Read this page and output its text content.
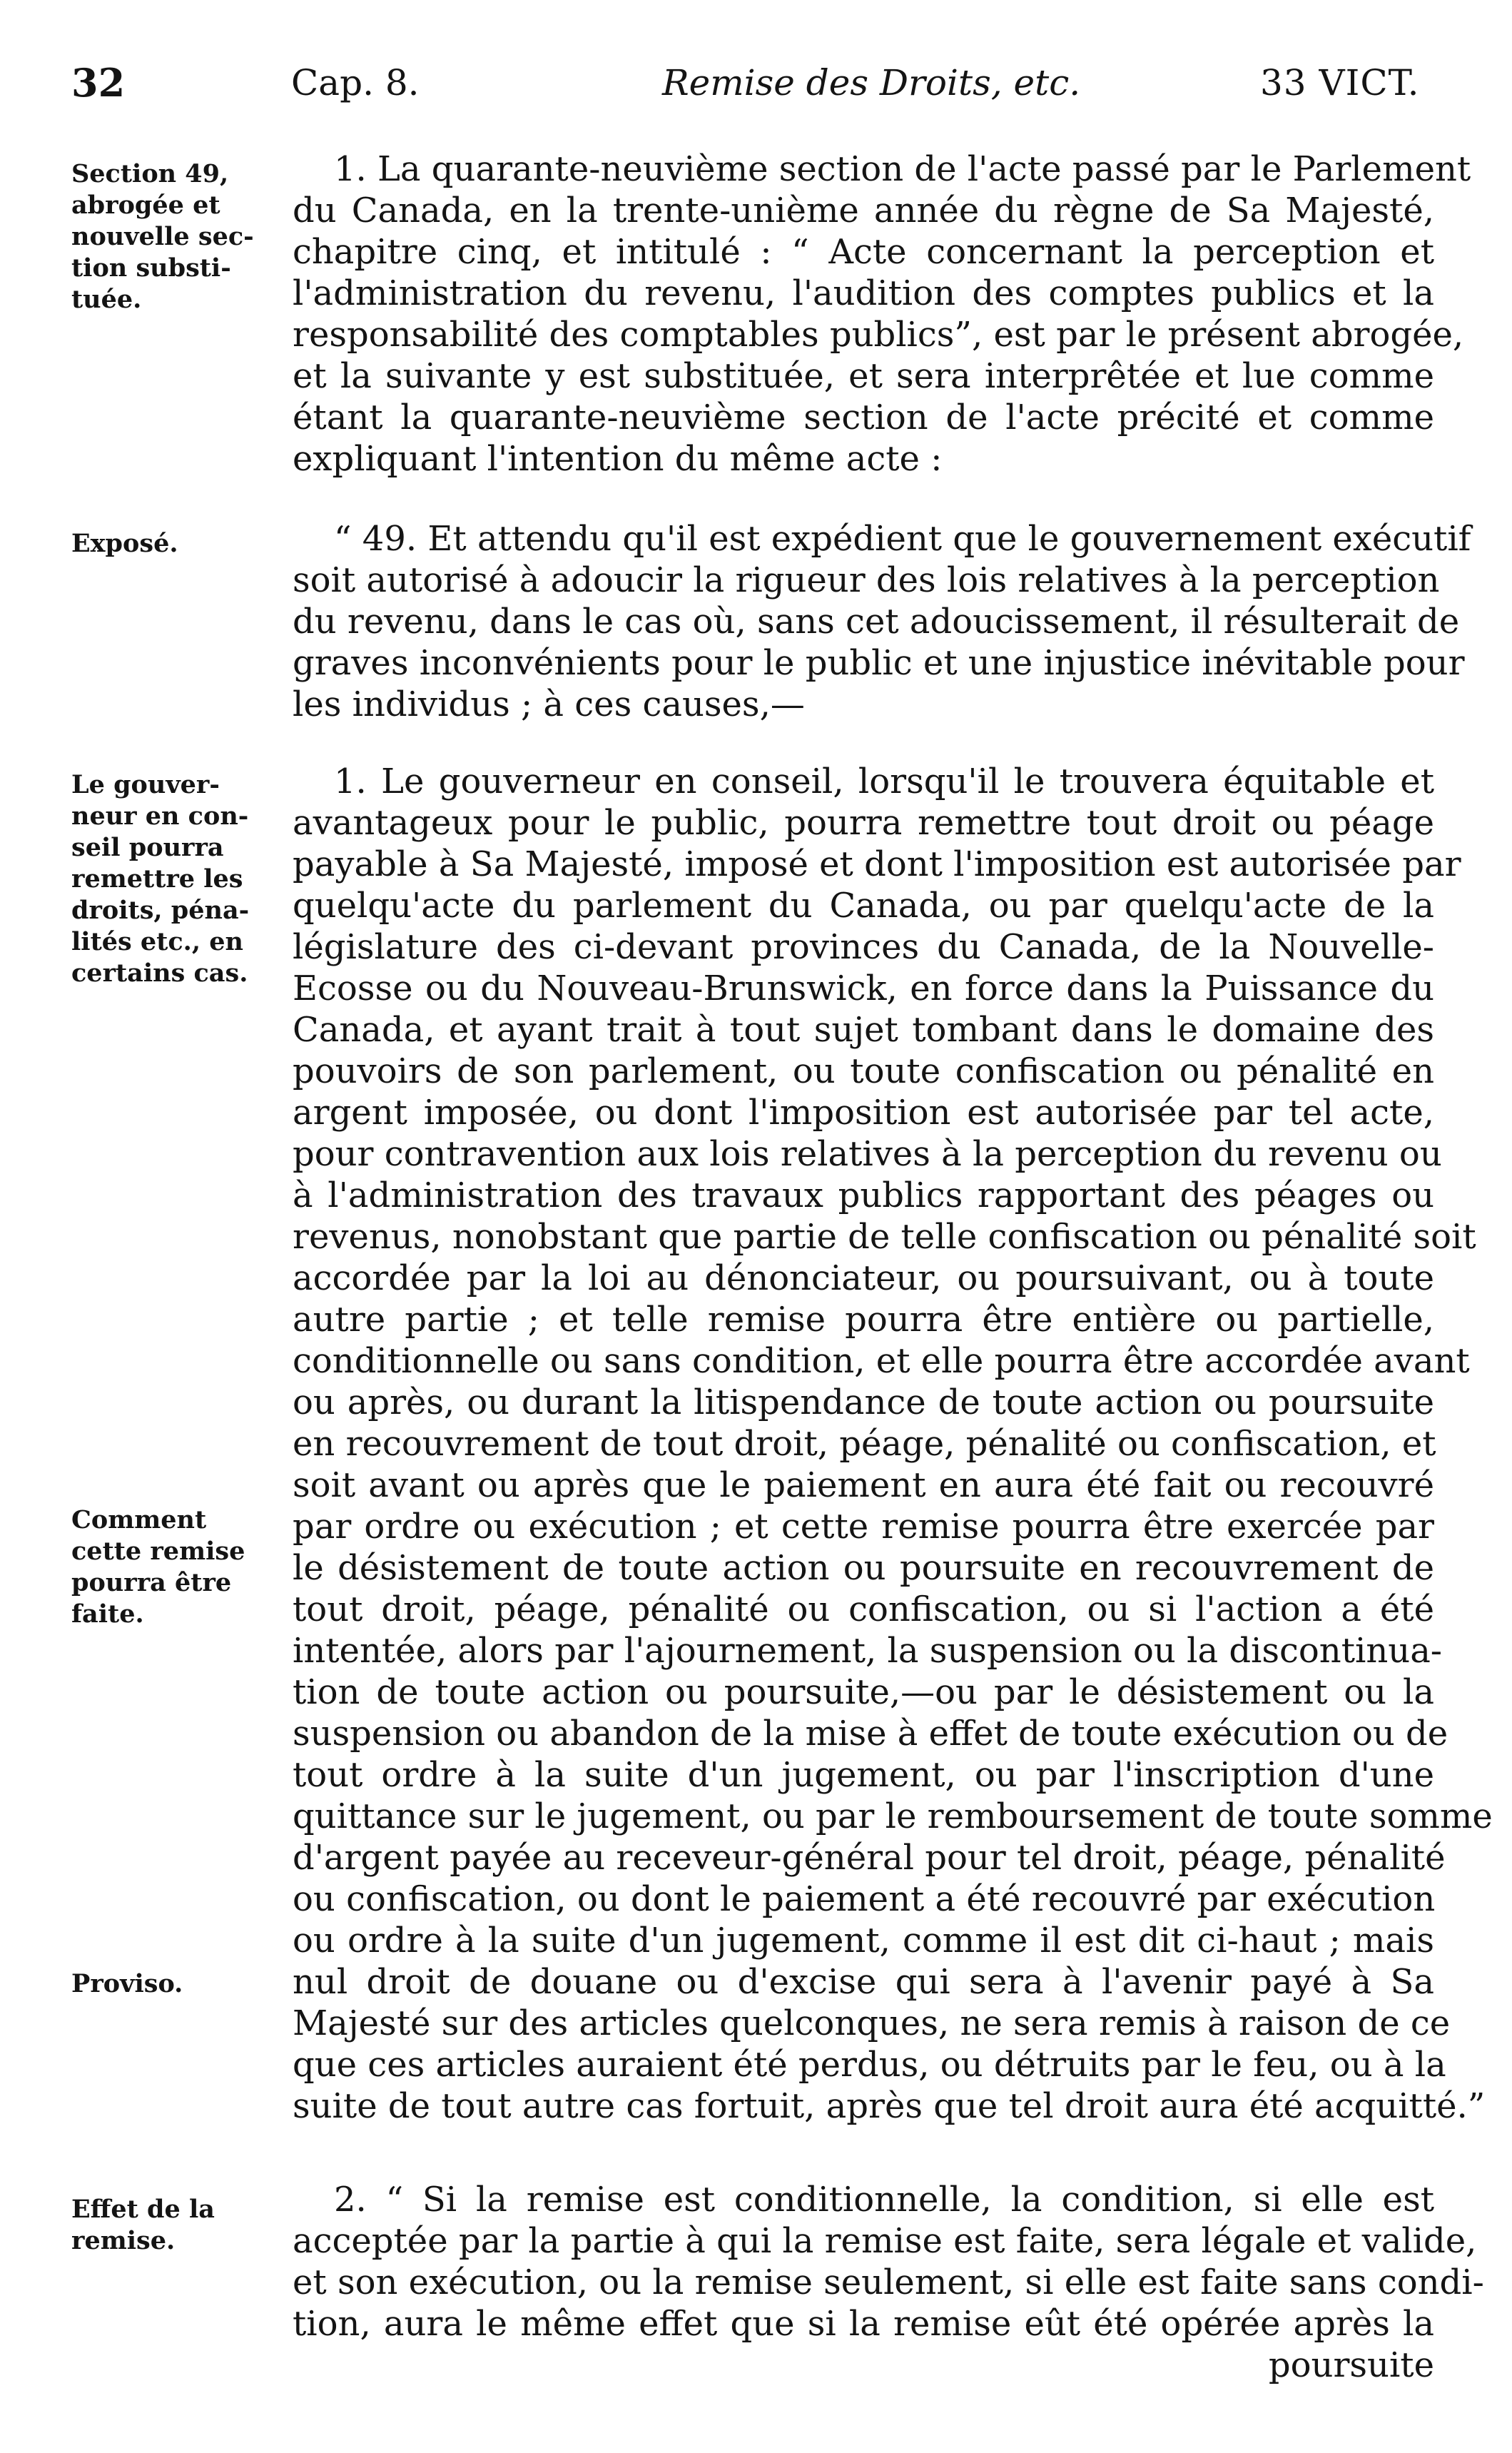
32	Cap. 8.	Remise des Droits, etc.	33 VICT.
Section 49,
abrogée et
nouvelle sec-
tion substi-
tuée.
Exposé.
Le gouver-
neur en con-
seil pourra
remettre les
droits, péna-
lités etc., en
certains cas.
Comment
cette remise
pourra être
faite.
Proviso.
Effet de la
remise.
1. La quarante-neuvième section de l'acte passé par le Parlement
du Canada, en la trente-unième année du règne de Sa Majesté,
chapitre cinq, et intitulé : “ Acte concernant la perception et
l'administration du revenu, l'audition des comptes publics et la
responsabilité des comptables publics”, est par le présent abrogée,
et la suivante y est substituée, et sera interprêtée et lue comme
étant la quarante-neuvième section de l'acte précité et comme
expliquant l'intention du même acte :
“ 49. Et attendu qu'il est expédient que le gouvernement exécutif
soit autorisé à adoucir la rigueur des lois relatives à la perception
du revenu, dans le cas où, sans cet adoucissement, il résulterait de
graves inconvénients pour le public et une injustice inévitable pour
les individus ; à ces causes,—
1. Le gouverneur en conseil, lorsqu'il le trouvera équitable et
avantageux pour le public, pourra remettre tout droit ou péage
payable à Sa Majesté, imposé et dont l'imposition est autorisée par
quelqu'acte du parlement du Canada, ou par quelqu'acte de la
législature des ci-devant provinces du Canada, de la Nouvelle-
Ecosse ou du Nouveau-Brunswick, en force dans la Puissance du
Canada, et ayant trait à tout sujet tombant dans le domaine des
pouvoirs de son parlement, ou toute confiscation ou pénalité en
argent imposée, ou dont l'imposition est autorisée par tel acte,
pour contravention aux lois relatives à la perception du revenu ou
à l'administration des travaux publics rapportant des péages ou
revenus, nonobstant que partie de telle confiscation ou pénalité soit
accordée par la loi au dénonciateur, ou poursuivant, ou à toute
autre partie ; et telle remise pourra être entière ou partielle,
conditionnelle ou sans condition, et elle pourra être accordée avant
ou après, ou durant la litispendance de toute action ou poursuite
en recouvrement de tout droit, péage, pénalité ou confiscation, et
soit avant ou après que le paiement en aura été fait ou recouvré
par ordre ou exécution ; et cette remise pourra être exercée par
le désistement de toute action ou poursuite en recouvrement de
tout droit, péage, pénalité ou confiscation, ou si l'action a été
intentée, alors par l'ajournement, la suspension ou la discontinua-
tion de toute action ou poursuite,—ou par le désistement ou la
suspension ou abandon de la mise à effet de toute exécution ou de
tout ordre à la suite d'un jugement, ou par l'inscription d'une
quittance sur le jugement, ou par le remboursement de toute somme
d'argent payée au receveur-général pour tel droit, péage, pénalité
ou confiscation, ou dont le paiement a été recouvré par exécution
ou ordre à la suite d'un jugement, comme il est dit ci-haut ; mais
nul droit de douane ou d'excise qui sera à l'avenir payé à Sa
Majesté sur des articles quelconques, ne sera remis à raison de ce
que ces articles auraient été perdus, ou détruits par le feu, ou à la
suite de tout autre cas fortuit, après que tel droit aura été acquitté.”
2. “ Si la remise est conditionnelle, la condition, si elle est
acceptée par la partie à qui la remise est faite, sera légale et valide,
et son exécution, ou la remise seulement, si elle est faite sans condi-
tion, aura le même effet que si la remise eût été opérée après la
poursuite
